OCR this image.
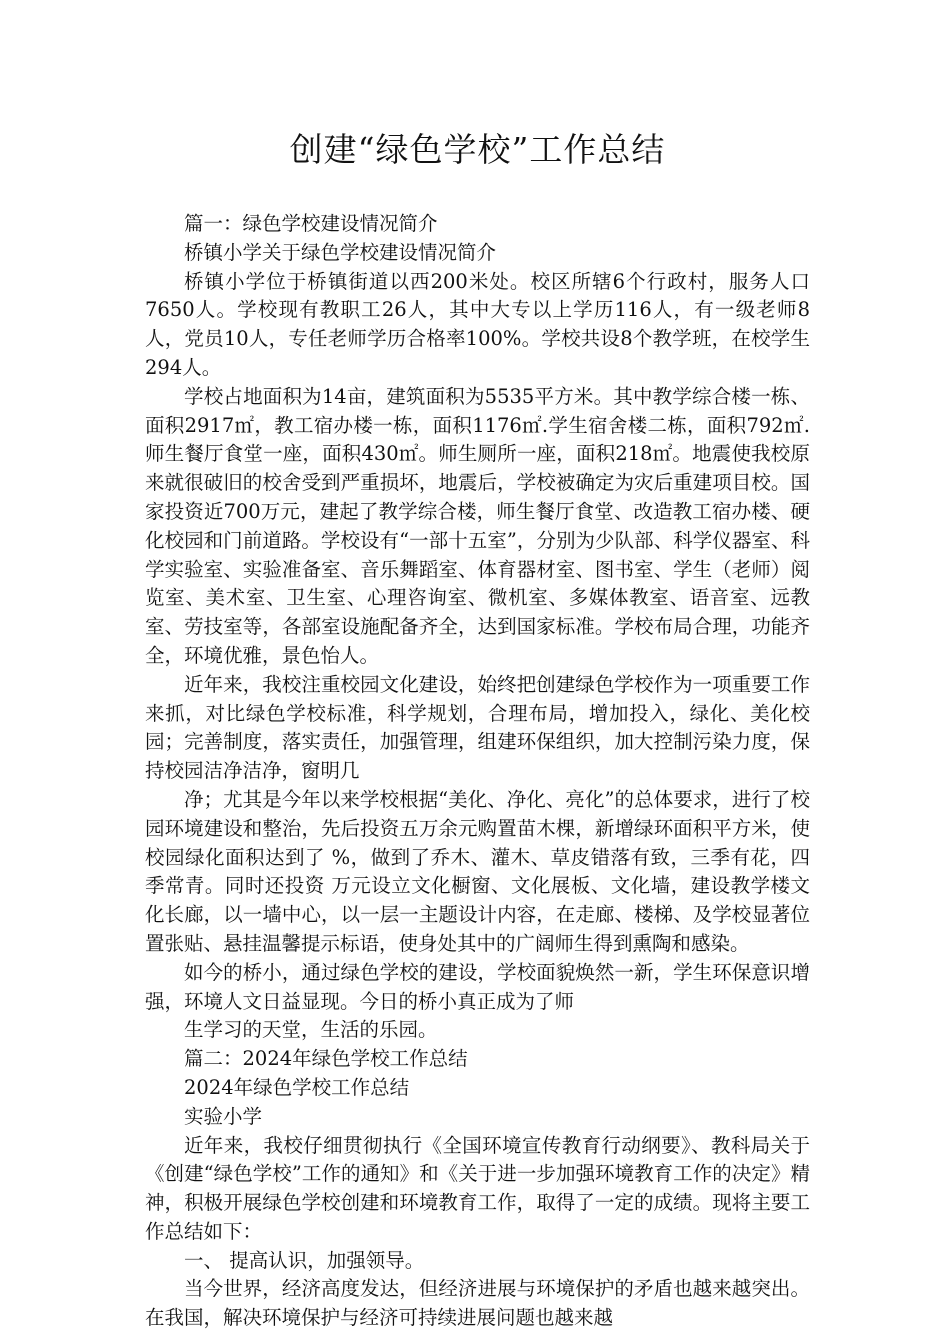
创建“绿色学校”工作总结

篇一：绿色学校建设情况简介

桥镇小学关于绿色学校建设情况简介

桥镇小学位于桥镇街道以西200米处。校区所辖6个行政村，服务人口7650人。学校现有教职工26人，其中大专以上学历116人，有一级老师8人，党员10人，专任老师学历合格率100%。学校共设8个教学班，在校学生294人。

学校占地面积为14亩，建筑面积为5535平方米。其中教学综合楼一栋、面积2917㎡，教工宿办楼一栋，面积1176㎡.学生宿舍楼二栋，面积792㎡.师生餐厅食堂一座，面积430㎡。师生厕所一座，面积218㎡。地震使我校原来就很破旧的校舍受到严重损坏，地震后，学校被确定为灾后重建项目校。国家投资近700万元，建起了教学综合楼，师生餐厅食堂、改造教工宿办楼、硬化校园和门前道路。学校设有“一部十五室”，分别为少队部、科学仪器室、科学实验室、实验准备室、音乐舞蹈室、体育器材室、图书室、学生（老师）阅览室、美术室、卫生室、心理咨询室、微机室、多媒体教室、语音室、远教室、劳技室等，各部室设施配备齐全，达到国家标准。学校布局合理，功能齐全，环境优雅，景色怡人。

近年来，我校注重校园文化建设，始终把创建绿色学校作为一项重要工作来抓，对比绿色学校标准，科学规划，合理布局，增加投入，绿化、美化校园；完善制度，落实责任，加强管理，组建环保组织，加大控制污染力度，保持校园洁净洁净，窗明几

净；尤其是今年以来学校根据“美化、净化、亮化”的总体要求，进行了校园环境建设和整治，先后投资五万余元购置苗木棵，新增绿环面积平方米，使校园绿化面积达到了 %，做到了乔木、灌木、草皮错落有致，三季有花，四季常青。同时还投资 万元设立文化橱窗、文化展板、文化墙，建设教学楼文化长廊，以一墙中心，以一层一主题设计内容，在走廊、楼梯、及学校显著位置张贴、悬挂温馨提示标语，使身处其中的广阔师生得到熏陶和感染。

如今的桥小，通过绿色学校的建设，学校面貌焕然一新，学生环保意识增强，环境人文日益显现。今日的桥小真正成为了师

生学习的天堂，生活的乐园。

篇二：2024年绿色学校工作总结

2024年绿色学校工作总结

实验小学

近年来，我校仔细贯彻执行《全国环境宣传教育行动纲要》、教科局关于《创建“绿色学校”工作的通知》和《关于进一步加强环境教育工作的决定》精神，积极开展绿色学校创建和环境教育工作，取得了一定的成绩。现将主要工作总结如下：

一、 提高认识，加强领导。

当今世界，经济高度发达，但经济进展与环境保护的矛盾也越来越突出。在我国，解决环境保护与经济可持续进展问题也越来越
